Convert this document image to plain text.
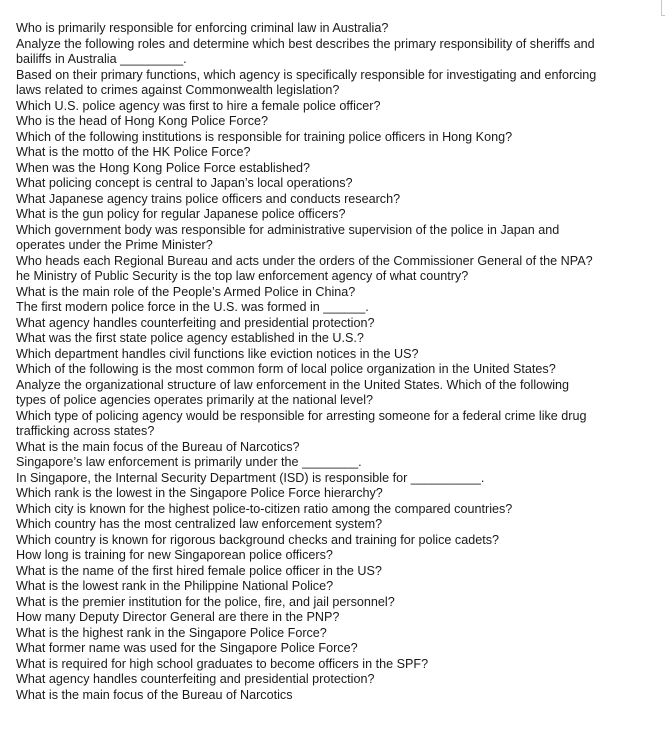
Who is primarily responsible for enforcing criminal law in Australia?
Analyze the following roles and determine which best describes the primary responsibility of sheriffs and
bailiffs in Australia _________.
Based on their primary functions, which agency is specifically responsible for investigating and enforcing
laws related to crimes against Commonwealth legislation?
Which U.S. police agency was first to hire a female police officer?
Who is the head of Hong Kong Police Force?
Which of the following institutions is responsible for training police officers in Hong Kong?
What is the motto of the HK Police Force?
When was the Hong Kong Police Force established?
What policing concept is central to Japan’s local operations?
What Japanese agency trains police officers and conducts research?
What is the gun policy for regular Japanese police officers?
Which government body was responsible for administrative supervision of the police in Japan and
operates under the Prime Minister?
Who heads each Regional Bureau and acts under the orders of the Commissioner General of the NPA?
he Ministry of Public Security is the top law enforcement agency of what country?
What is the main role of the People’s Armed Police in China?
The first modern police force in the U.S. was formed in ______.
What agency handles counterfeiting and presidential protection?
What was the first state police agency established in the U.S.?
Which department handles civil functions like eviction notices in the US?
Which of the following is the most common form of local police organization in the United States?
Analyze the organizational structure of law enforcement in the United States. Which of the following
types of police agencies operates primarily at the national level?
Which type of policing agency would be responsible for arresting someone for a federal crime like drug
trafficking across states?
What is the main focus of the Bureau of Narcotics?
Singapore’s law enforcement is primarily under the ________.
In Singapore, the Internal Security Department (ISD) is responsible for __________.
Which rank is the lowest in the Singapore Police Force hierarchy?
Which city is known for the highest police-to-citizen ratio among the compared countries?
Which country has the most centralized law enforcement system?
Which country is known for rigorous background checks and training for police cadets?
How long is training for new Singaporean police officers?
What is the name of the first hired female police officer in the US?
What is the lowest rank in the Philippine National Police?
What is the premier institution for the police, fire, and jail personnel?
How many Deputy Director General are there in the PNP?
What is the highest rank in the Singapore Police Force?
What former name was used for the Singapore Police Force?
What is required for high school graduates to become officers in the SPF?
What agency handles counterfeiting and presidential protection?
What is the main focus of the Bureau of Narcotics
